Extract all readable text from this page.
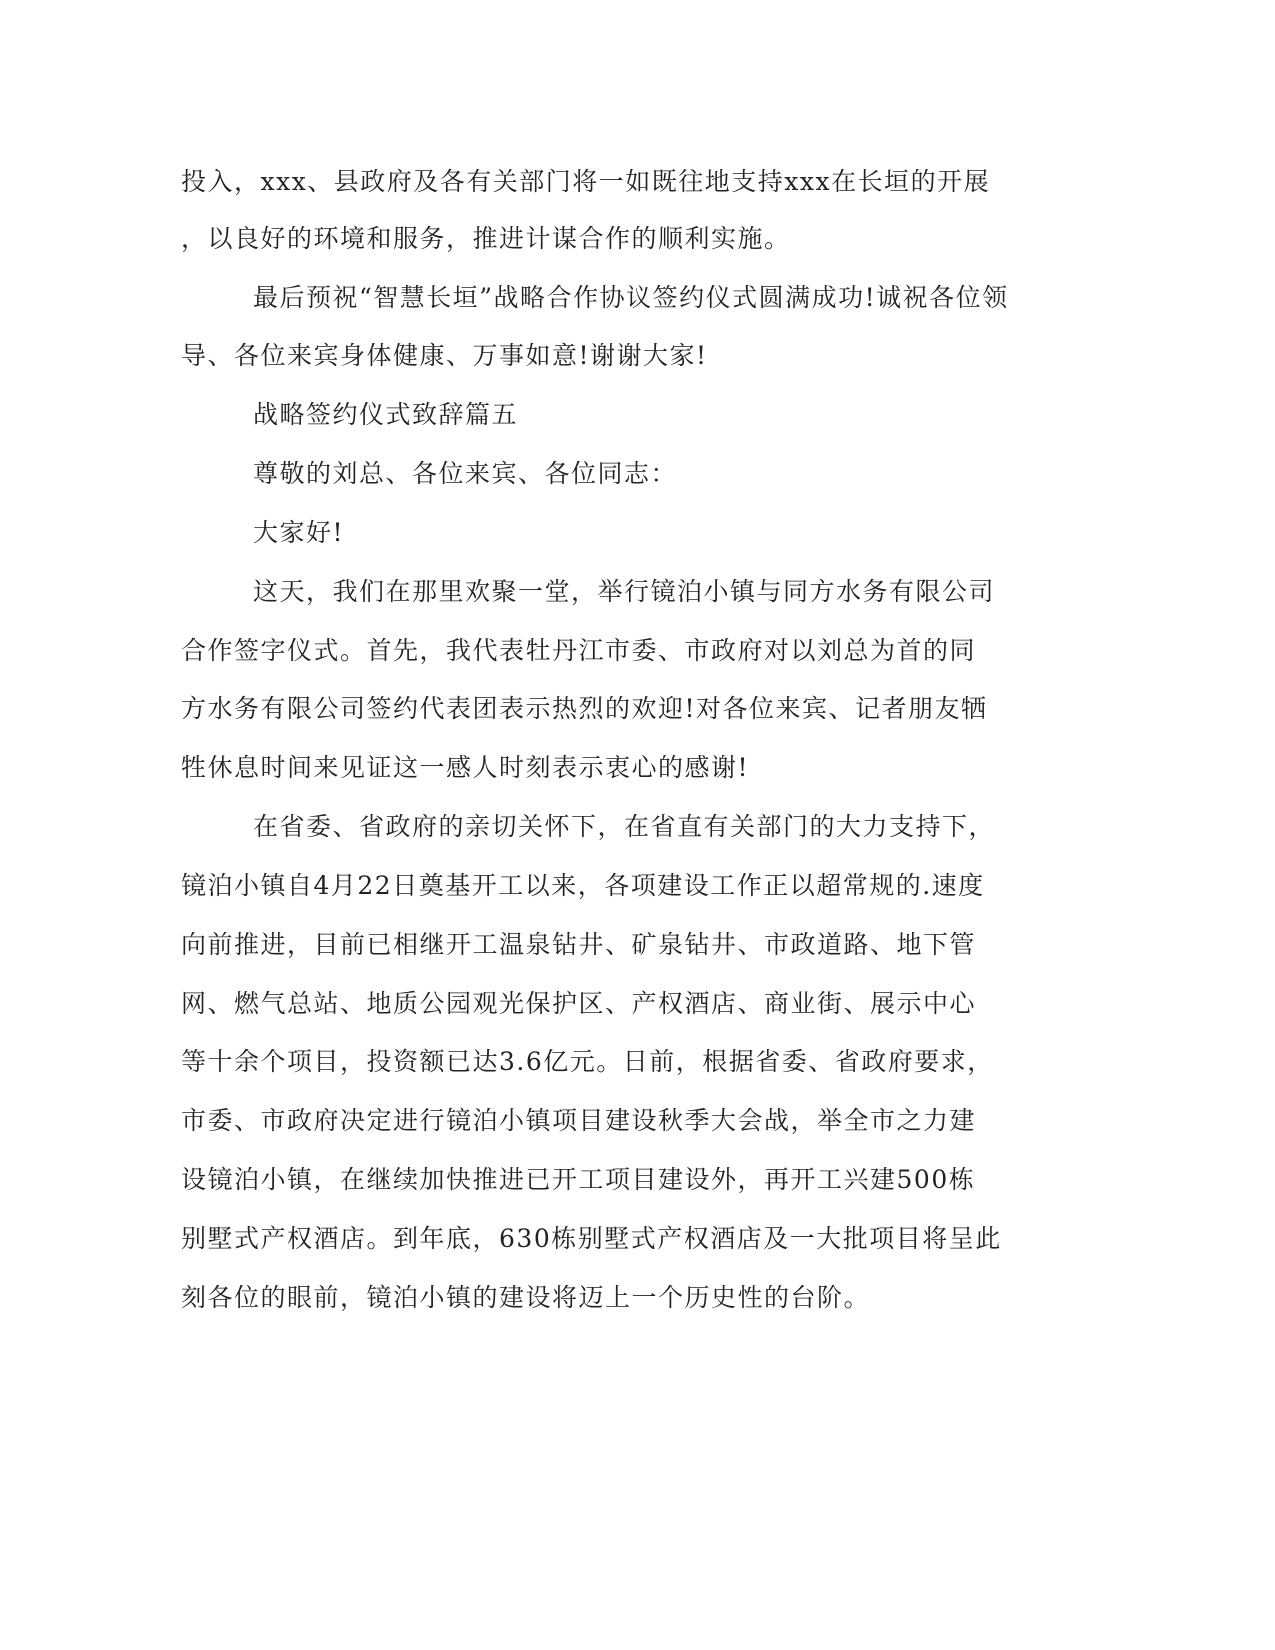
投入，xxx、县政府及各有关部门将一如既往地支持xxx在长垣的开展
，以良好的环境和服务，推进计谋合作的顺利实施。
最后预祝“智慧长垣”战略合作协议签约仪式圆满成功!诚祝各位领
导、各位来宾身体健康、万事如意!谢谢大家!
战略签约仪式致辞篇五
尊敬的刘总、各位来宾、各位同志：
大家好!
这天，我们在那里欢聚一堂，举行镜泊小镇与同方水务有限公司
合作签字仪式。首先，我代表牡丹江市委、市政府对以刘总为首的同
方水务有限公司签约代表团表示热烈的欢迎!对各位来宾、记者朋友牺
牲休息时间来见证这一感人时刻表示衷心的感谢!
在省委、省政府的亲切关怀下，在省直有关部门的大力支持下，
镜泊小镇自4月22日奠基开工以来，各项建设工作正以超常规的.速度
向前推进，目前已相继开工温泉钻井、矿泉钻井、市政道路、地下管
网、燃气总站、地质公园观光保护区、产权酒店、商业街、展示中心
等十余个项目，投资额已达3.6亿元。日前，根据省委、省政府要求，
市委、市政府决定进行镜泊小镇项目建设秋季大会战，举全市之力建
设镜泊小镇，在继续加快推进已开工项目建设外，再开工兴建500栋
别墅式产权酒店。到年底，630栋别墅式产权酒店及一大批项目将呈此
刻各位的眼前，镜泊小镇的建设将迈上一个历史性的台阶。
